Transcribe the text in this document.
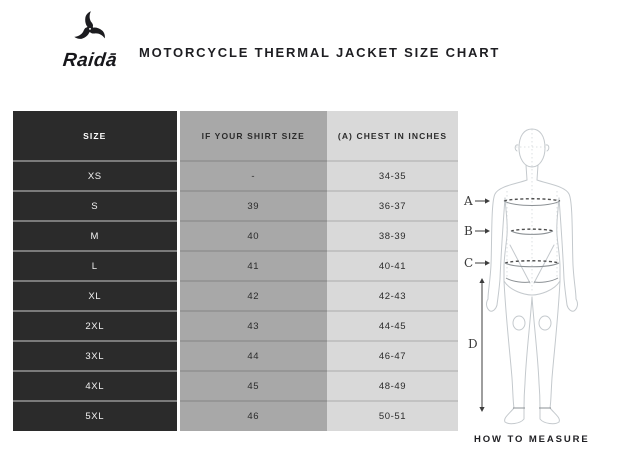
Raidā	MOTORCYCLE THERMAL JACKET SIZE CHART
SIZE	IF YOUR SHIRT SIZE	(A) CHEST IN INCHES
XS	-	34-35
S	39	36-37
M	40	38-39
L	41	40-41
XL	42	42-43
2XL	43	44-45
3XL	44	46-47
4XL	45	48-49
5XL	46	50-51
A
B
C
D
HOW TO MEASURE
